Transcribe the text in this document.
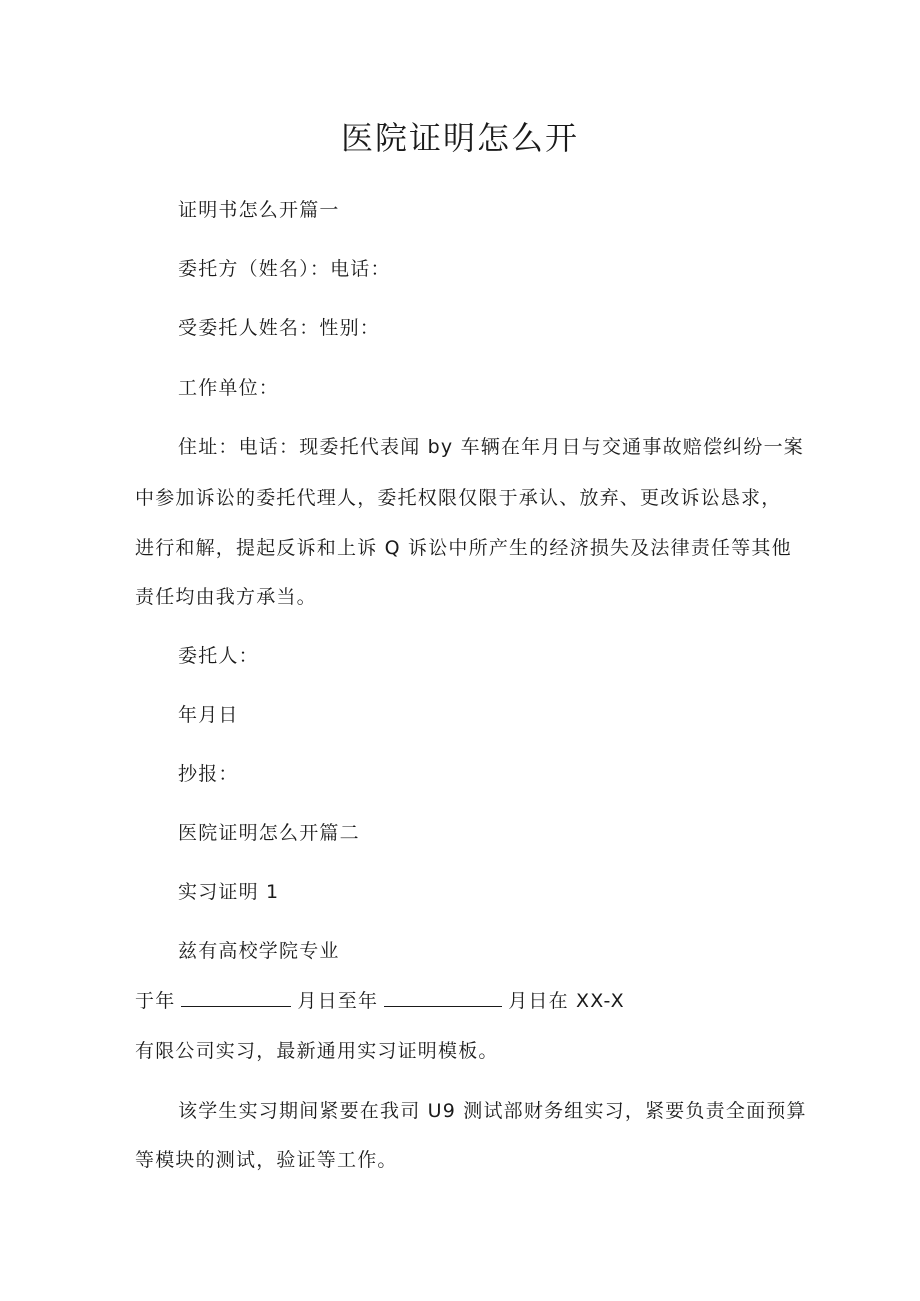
医院证明怎么开
证明书怎么开篇一
委托方（姓名）：电话：
受委托人姓名：性别：
工作单位：
住址：电话：现委托代表闻 by 车辆在年月日与交通事故赔偿纠纷一案
中参加诉讼的委托代理人，委托权限仅限于承认、放弃、更改诉讼恳求，
进行和解，提起反诉和上诉 Q 诉讼中所产生的经济损失及法律责任等其他
责任均由我方承当。
委托人：
年月日
抄报：
医院证明怎么开篇二
实习证明 1
兹有高校学院专业
于年	月日至年	月日在 XX-X
有限公司实习，最新通用实习证明模板。
该学生实习期间紧要在我司 U9 测试部财务组实习，紧要负责全面预算
等模块的测试，验证等工作。
